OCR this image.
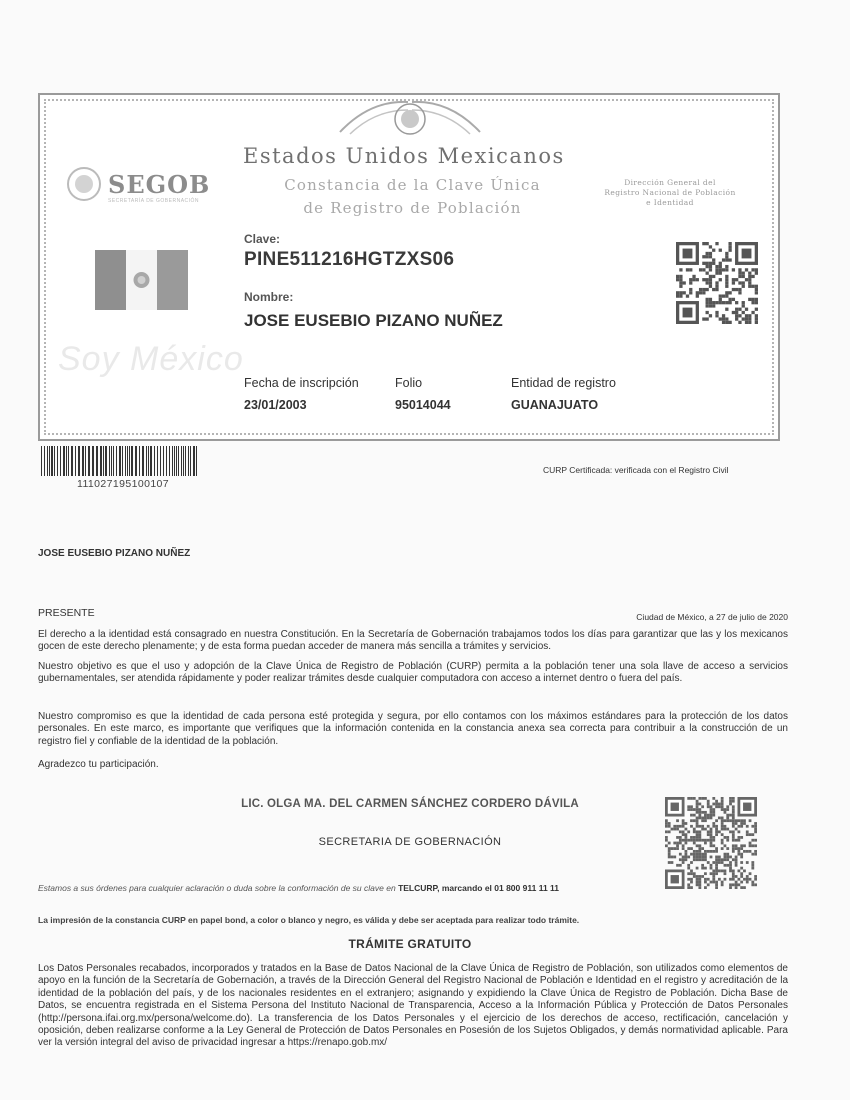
Estados Unidos Mexicanos
Constancia de la Clave Única
de Registro de Población
SEGOB
SECRETARÍA DE GOBERNACIÓN
Dirección General del
Registro Nacional de Población
e Identidad
Soy México
Clave:
PINE511216HGTZXS06
Nombre:
JOSE EUSEBIO PIZANO NUÑEZ
Fecha de inscripción
23/01/2003
Folio
95014044
Entidad de registro
GUANAJUATO
111027195100107
CURP Certificada: verificada con el Registro Civil
JOSE EUSEBIO PIZANO NUÑEZ
PRESENTE	Ciudad de México, a 27 de julio de 2020
El derecho a la identidad está consagrado en nuestra Constitución. En la Secretaría de Gobernación trabajamos todos los días para garantizar que las y los mexicanos gocen de este derecho plenamente; y de esta forma puedan acceder de manera más sencilla a trámites y servicios.
Nuestro objetivo es que el uso y adopción de la Clave Única de Registro de Población (CURP) permita a la población tener una sola llave de acceso a servicios gubernamentales, ser atendida rápidamente y poder realizar trámites desde cualquier computadora con acceso a internet dentro o fuera del país.
Nuestro compromiso es que la identidad de cada persona esté protegida y segura, por ello contamos con los máximos estándares para la protección de los datos personales. En este marco, es importante que verifiques que la información contenida en la constancia anexa sea correcta para contribuir a la construcción de un registro fiel y confiable de la identidad de la población.
Agradezco tu participación.
LIC. OLGA MA. DEL CARMEN SÁNCHEZ CORDERO DÁVILA
SECRETARIA DE GOBERNACIÓN
Estamos a sus órdenes para cualquier aclaración o duda sobre la conformación de su clave en TELCURP, marcando el 01 800 911 11 11
La impresión de la constancia CURP en papel bond, a color o blanco y negro, es válida y debe ser aceptada para realizar todo trámite.
TRÁMITE GRATUITO
Los Datos Personales recabados, incorporados y tratados en la Base de Datos Nacional de la Clave Única de Registro de Población, son utilizados como elementos de apoyo en la función de la Secretaría de Gobernación, a través de la Dirección General del Registro Nacional de Población e Identidad en el registro y acreditación de la identidad de la población del país, y de los nacionales residentes en el extranjero; asignando y expidiendo la Clave Única de Registro de Población. Dicha Base de Datos, se encuentra registrada en el Sistema Persona del Instituto Nacional de Transparencia, Acceso a la Información Pública y Protección de Datos Personales (http://persona.ifai.org.mx/persona/welcome.do). La transferencia de los Datos Personales y el ejercicio de los derechos de acceso, rectificación, cancelación y oposición, deben realizarse conforme a la Ley General de Protección de Datos Personales en Posesión de los Sujetos Obligados, y demás normatividad aplicable. Para ver la versión integral del aviso de privacidad ingresar a https://renapo.gob.mx/
